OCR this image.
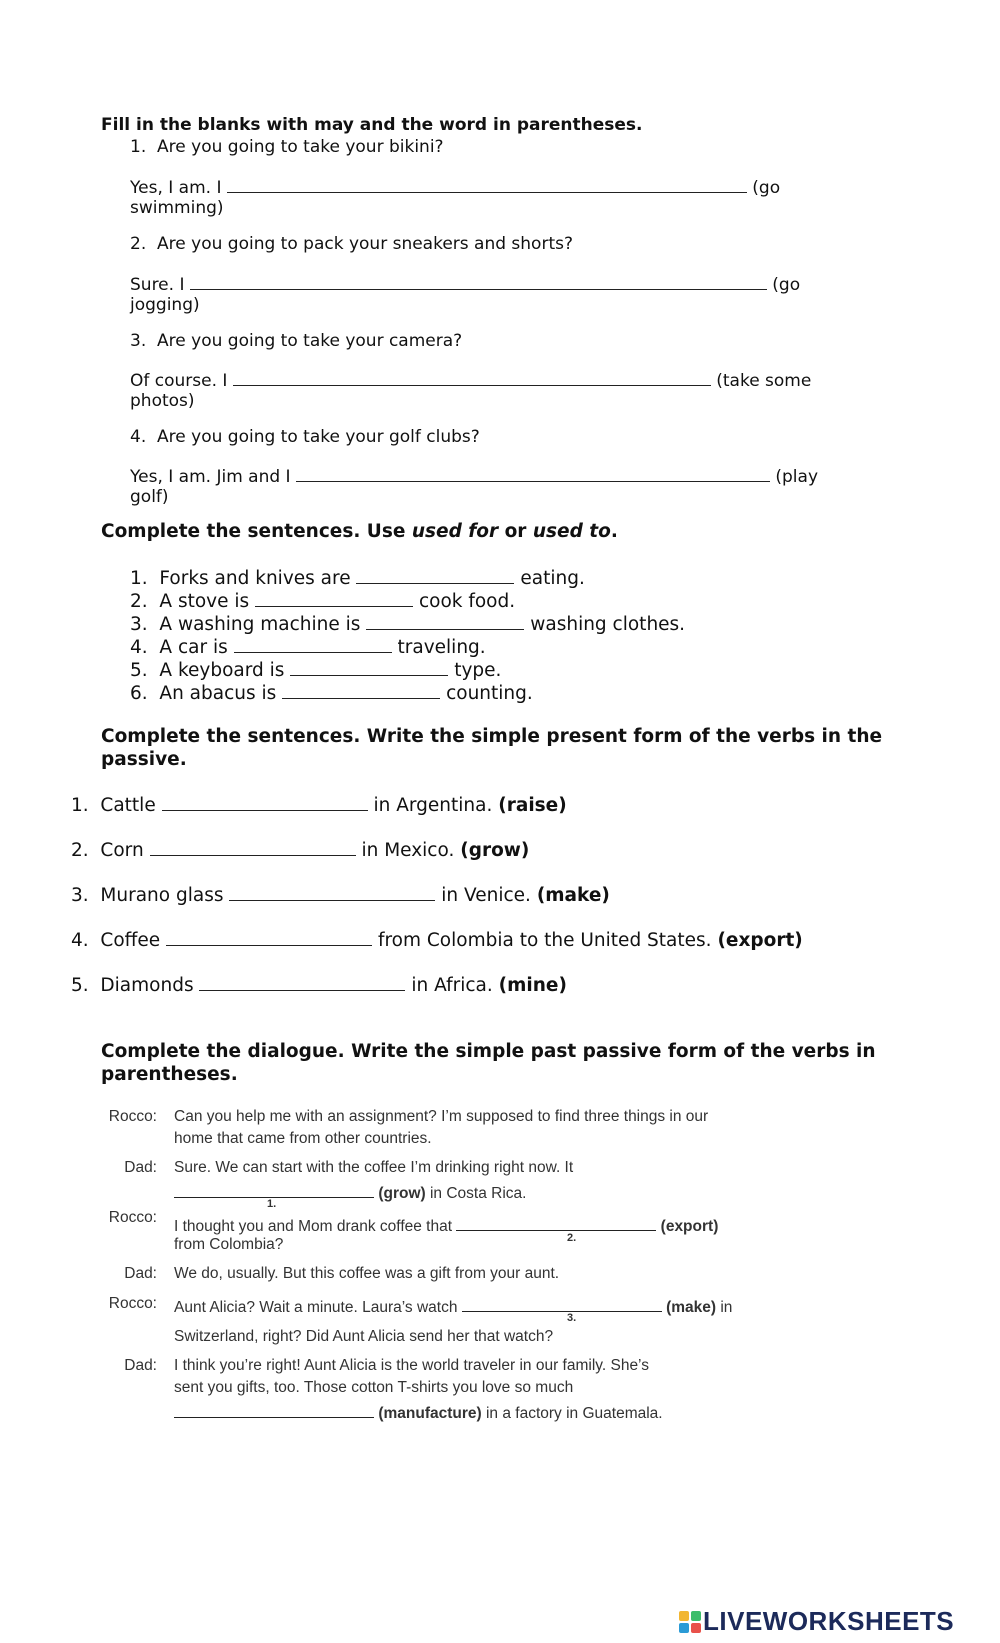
Fill in the blanks with may and the word in parentheses.
1. Are you going to take your bikini?
Yes, I am. I	(go
swimming)
2. Are you going to pack your sneakers and shorts?
Sure. I	(go
jogging)
3. Are you going to take your camera?
Of course. I	(take some
photos)
4. Are you going to take your golf clubs?
Yes, I am. Jim and I	(play
golf)
Complete the sentences. Use used for or used to.
1. Forks and knives are	eating.
2. A stove is	cook food.
3. A washing machine is	washing clothes.
4. A car is	traveling.
5. A keyboard is	type.
6. An abacus is	counting.
Complete the sentences. Write the simple present form of the verbs in the
passive.
1. Cattle	in Argentina. (raise)
2. Corn	in Mexico. (grow)
3. Murano glass	in Venice. (make)
4. Coffee	from Colombia to the United States. (export)
5. Diamonds	in Africa. (mine)
Complete the dialogue. Write the simple past passive form of the verbs in
parentheses.
Rocco: Can you help me with an assignment? I’m supposed to find three things in our
home that came from other countries.
Dad: Sure. We can start with the coffee I’m drinking right now. It
(grow) in Costa Rica.
1.
Rocco:
I thought you and Mom drank coffee that	(export)
from Colombia?	2.
Dad: We do, usually. But this coffee was a gift from your aunt.
Rocco: Aunt Alicia? Wait a minute. Laura’s watch	(make) in
3.
Switzerland, right? Did Aunt Alicia send her that watch?
Dad: I think you’re right! Aunt Alicia is the world traveler in our family. She’s
sent you gifts, too. Those cotton T-shirts you love so much
(manufacture) in a factory in Guatemala.
LIVEWORKSHEETS
